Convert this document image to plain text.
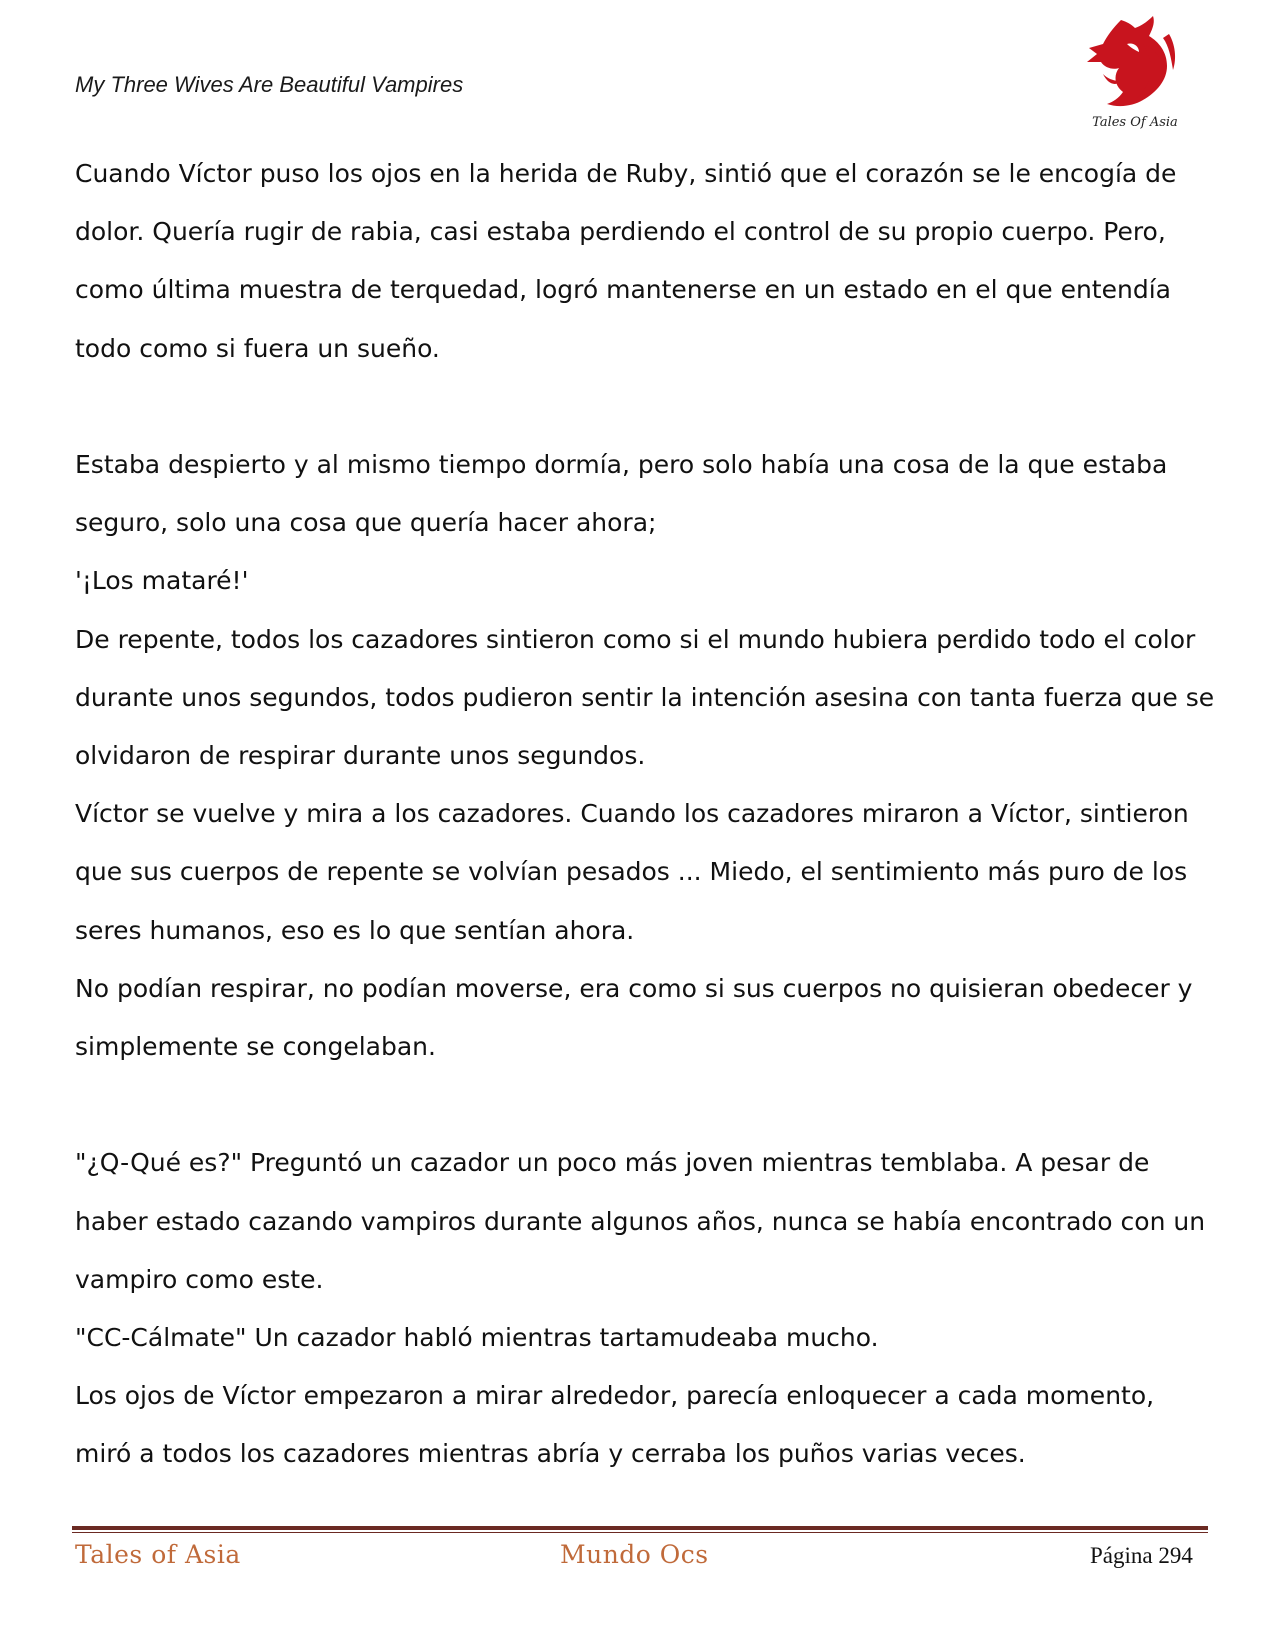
My Three Wives Are Beautiful Vampires
Tales Of Asia

Cuando Víctor puso los ojos en la herida de Ruby, sintió que el corazón se le encogía de dolor. Quería rugir de rabia, casi estaba perdiendo el control de su propio cuerpo. Pero, como última muestra de terquedad, logró mantenerse en un estado en el que entendía todo como si fuera un sueño.

Estaba despierto y al mismo tiempo dormía, pero solo había una cosa de la que estaba seguro, solo una cosa que quería hacer ahora;

'¡Los mataré!'

De repente, todos los cazadores sintieron como si el mundo hubiera perdido todo el color durante unos segundos, todos pudieron sentir la intención asesina con tanta fuerza que se olvidaron de respirar durante unos segundos.

Víctor se vuelve y mira a los cazadores. Cuando los cazadores miraron a Víctor, sintieron que sus cuerpos de repente se volvían pesados ... Miedo, el sentimiento más puro de los seres humanos, eso es lo que sentían ahora.

No podían respirar, no podían moverse, era como si sus cuerpos no quisieran obedecer y simplemente se congelaban.

"¿Q-Qué es?" Preguntó un cazador un poco más joven mientras temblaba. A pesar de haber estado cazando vampiros durante algunos años, nunca se había encontrado con un vampiro como este.

"CC-Cálmate" Un cazador habló mientras tartamudeaba mucho.

Los ojos de Víctor empezaron a mirar alrededor, parecía enloquecer a cada momento, miró a todos los cazadores mientras abría y cerraba los puños varias veces.

Tales of Asia	Mundo Ocs	Página 294
